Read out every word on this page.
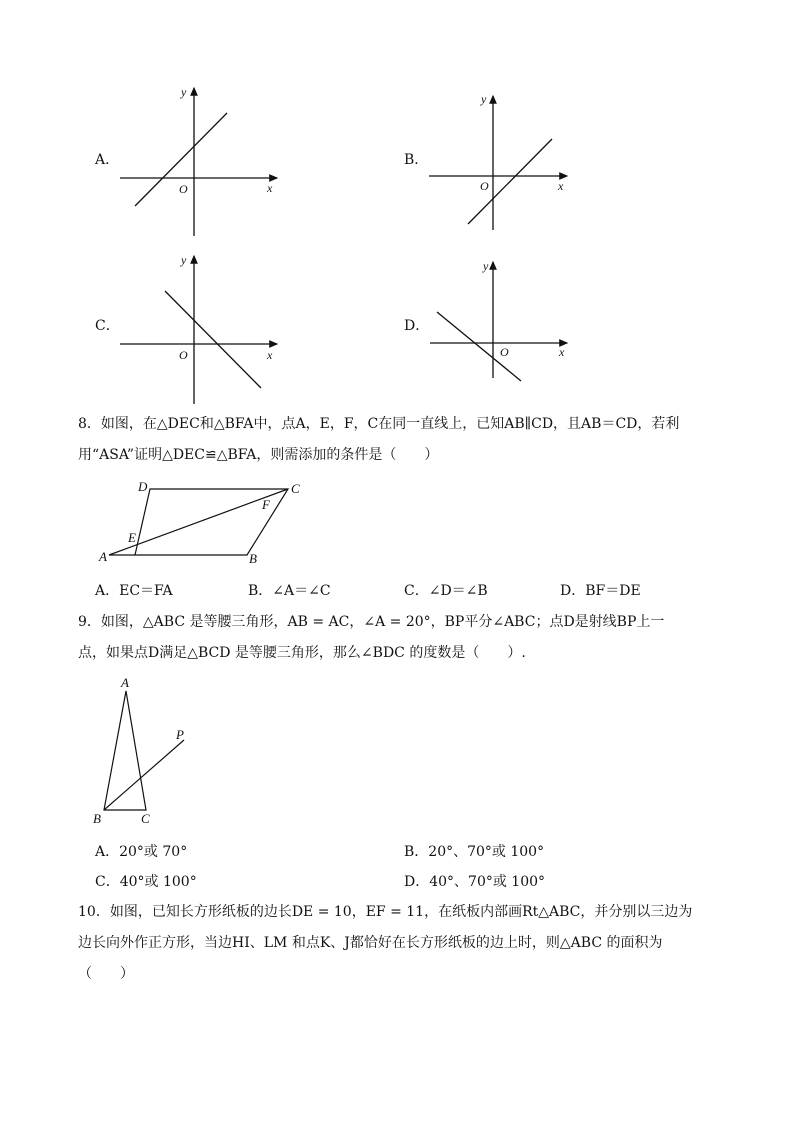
A．
y
x
O
B．
y
x
O
C．
y
x
O
D．
y
x
O
8．如图，在△DEC和△BFA中，点A，E，F，C在同一直线上，已知AB∥CD，且AB＝CD，若利
用“ASA”证明△DEC≌△BFA，则需添加的条件是（　　）
D	C
F
E
A	B
A．EC＝FA	B．∠A＝∠C	C．∠D＝∠B	D．BF＝DE
9．如图，△ABC 是等腰三角形，AB = AC，∠A = 20°，BP平分∠ABC；点D是射线BP上一
点，如果点D满足△BCD 是等腰三角形，那么∠BDC 的度数是（　　）.
A
P
B	C
A．20°或 70°	B．20°、70°或 100°
C．40°或 100°	D．40°、70°或 100°
10．如图，已知长方形纸板的边长DE = 10，EF = 11，在纸板内部画Rt△ABC，并分别以三边为
边长向外作正方形，当边HI、LM 和点K、J都恰好在长方形纸板的边上时，则△ABC 的面积为
（　　）
